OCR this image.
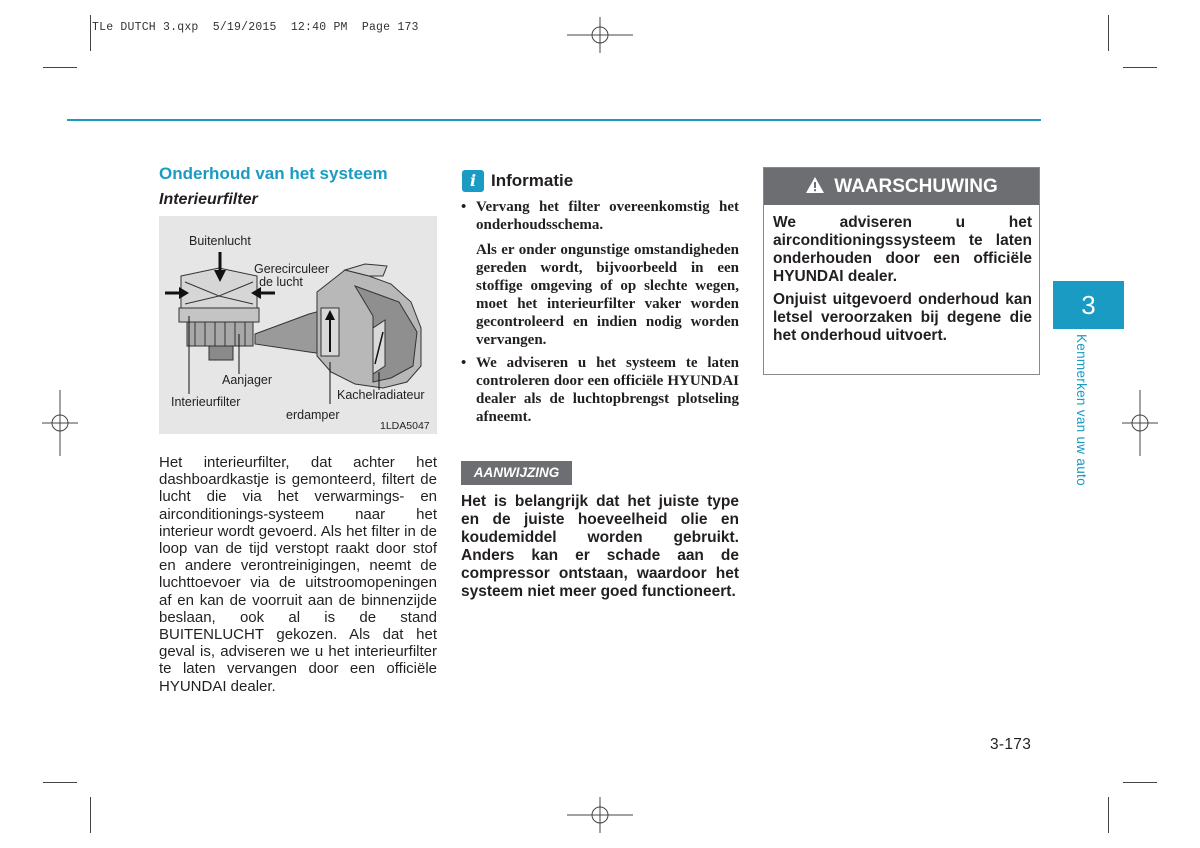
TLe DUTCH 3.qxp  5/19/2015  12:40 PM  Page 173
Onderhoud van het systeem
Interieurfilter
Buitenlucht
Gerecirculeer
de lucht
Aanjager
Interieurfilter	Kachelradiateur
erdamper
1LDA5047
Het interieurfilter, dat achter het dashboardkastje is gemonteerd, filtert de lucht die via het verwarmings- en airconditionings-systeem naar het interieur wordt gevoerd. Als het filter in de loop van de tijd verstopt raakt door stof en andere verontreinigingen, neemt de luchttoevoer via de uitstroomopeningen af en kan de voorruit aan de binnenzijde beslaan, ook al is de stand BUITENLUCHT gekozen. Als dat het geval is, adviseren we u het interieurfilter te laten vervangen door een officiële HYUNDAI dealer.
i Informatie
• Vervang het filter overeenkomstig het onderhoudsschema.

Als er onder ongunstige omstandigheden gereden wordt, bijvoorbeeld in een stoffige omgeving of op slechte wegen, moet het interieurfilter vaker worden gecontroleerd en indien nodig worden vervangen.

• We adviseren u het systeem te laten controleren door een officiële HYUNDAI dealer als de luchtopbrengst plotseling afneemt.

AANWIJZING
Het is belangrijk dat het juiste type en de juiste hoeveelheid olie en koudemiddel worden gebruikt. Anders kan er schade aan de compressor ontstaan, waardoor het systeem niet meer goed functioneert.
WAARSCHUWING

We adviseren u het airconditioningssysteem te laten onderhouden door een officiële HYUNDAI dealer.

Onjuist uitgevoerd onderhoud kan letsel veroorzaken bij degene die het onderhoud uitvoert.

3
Kenmerken van uw auto
3-173
